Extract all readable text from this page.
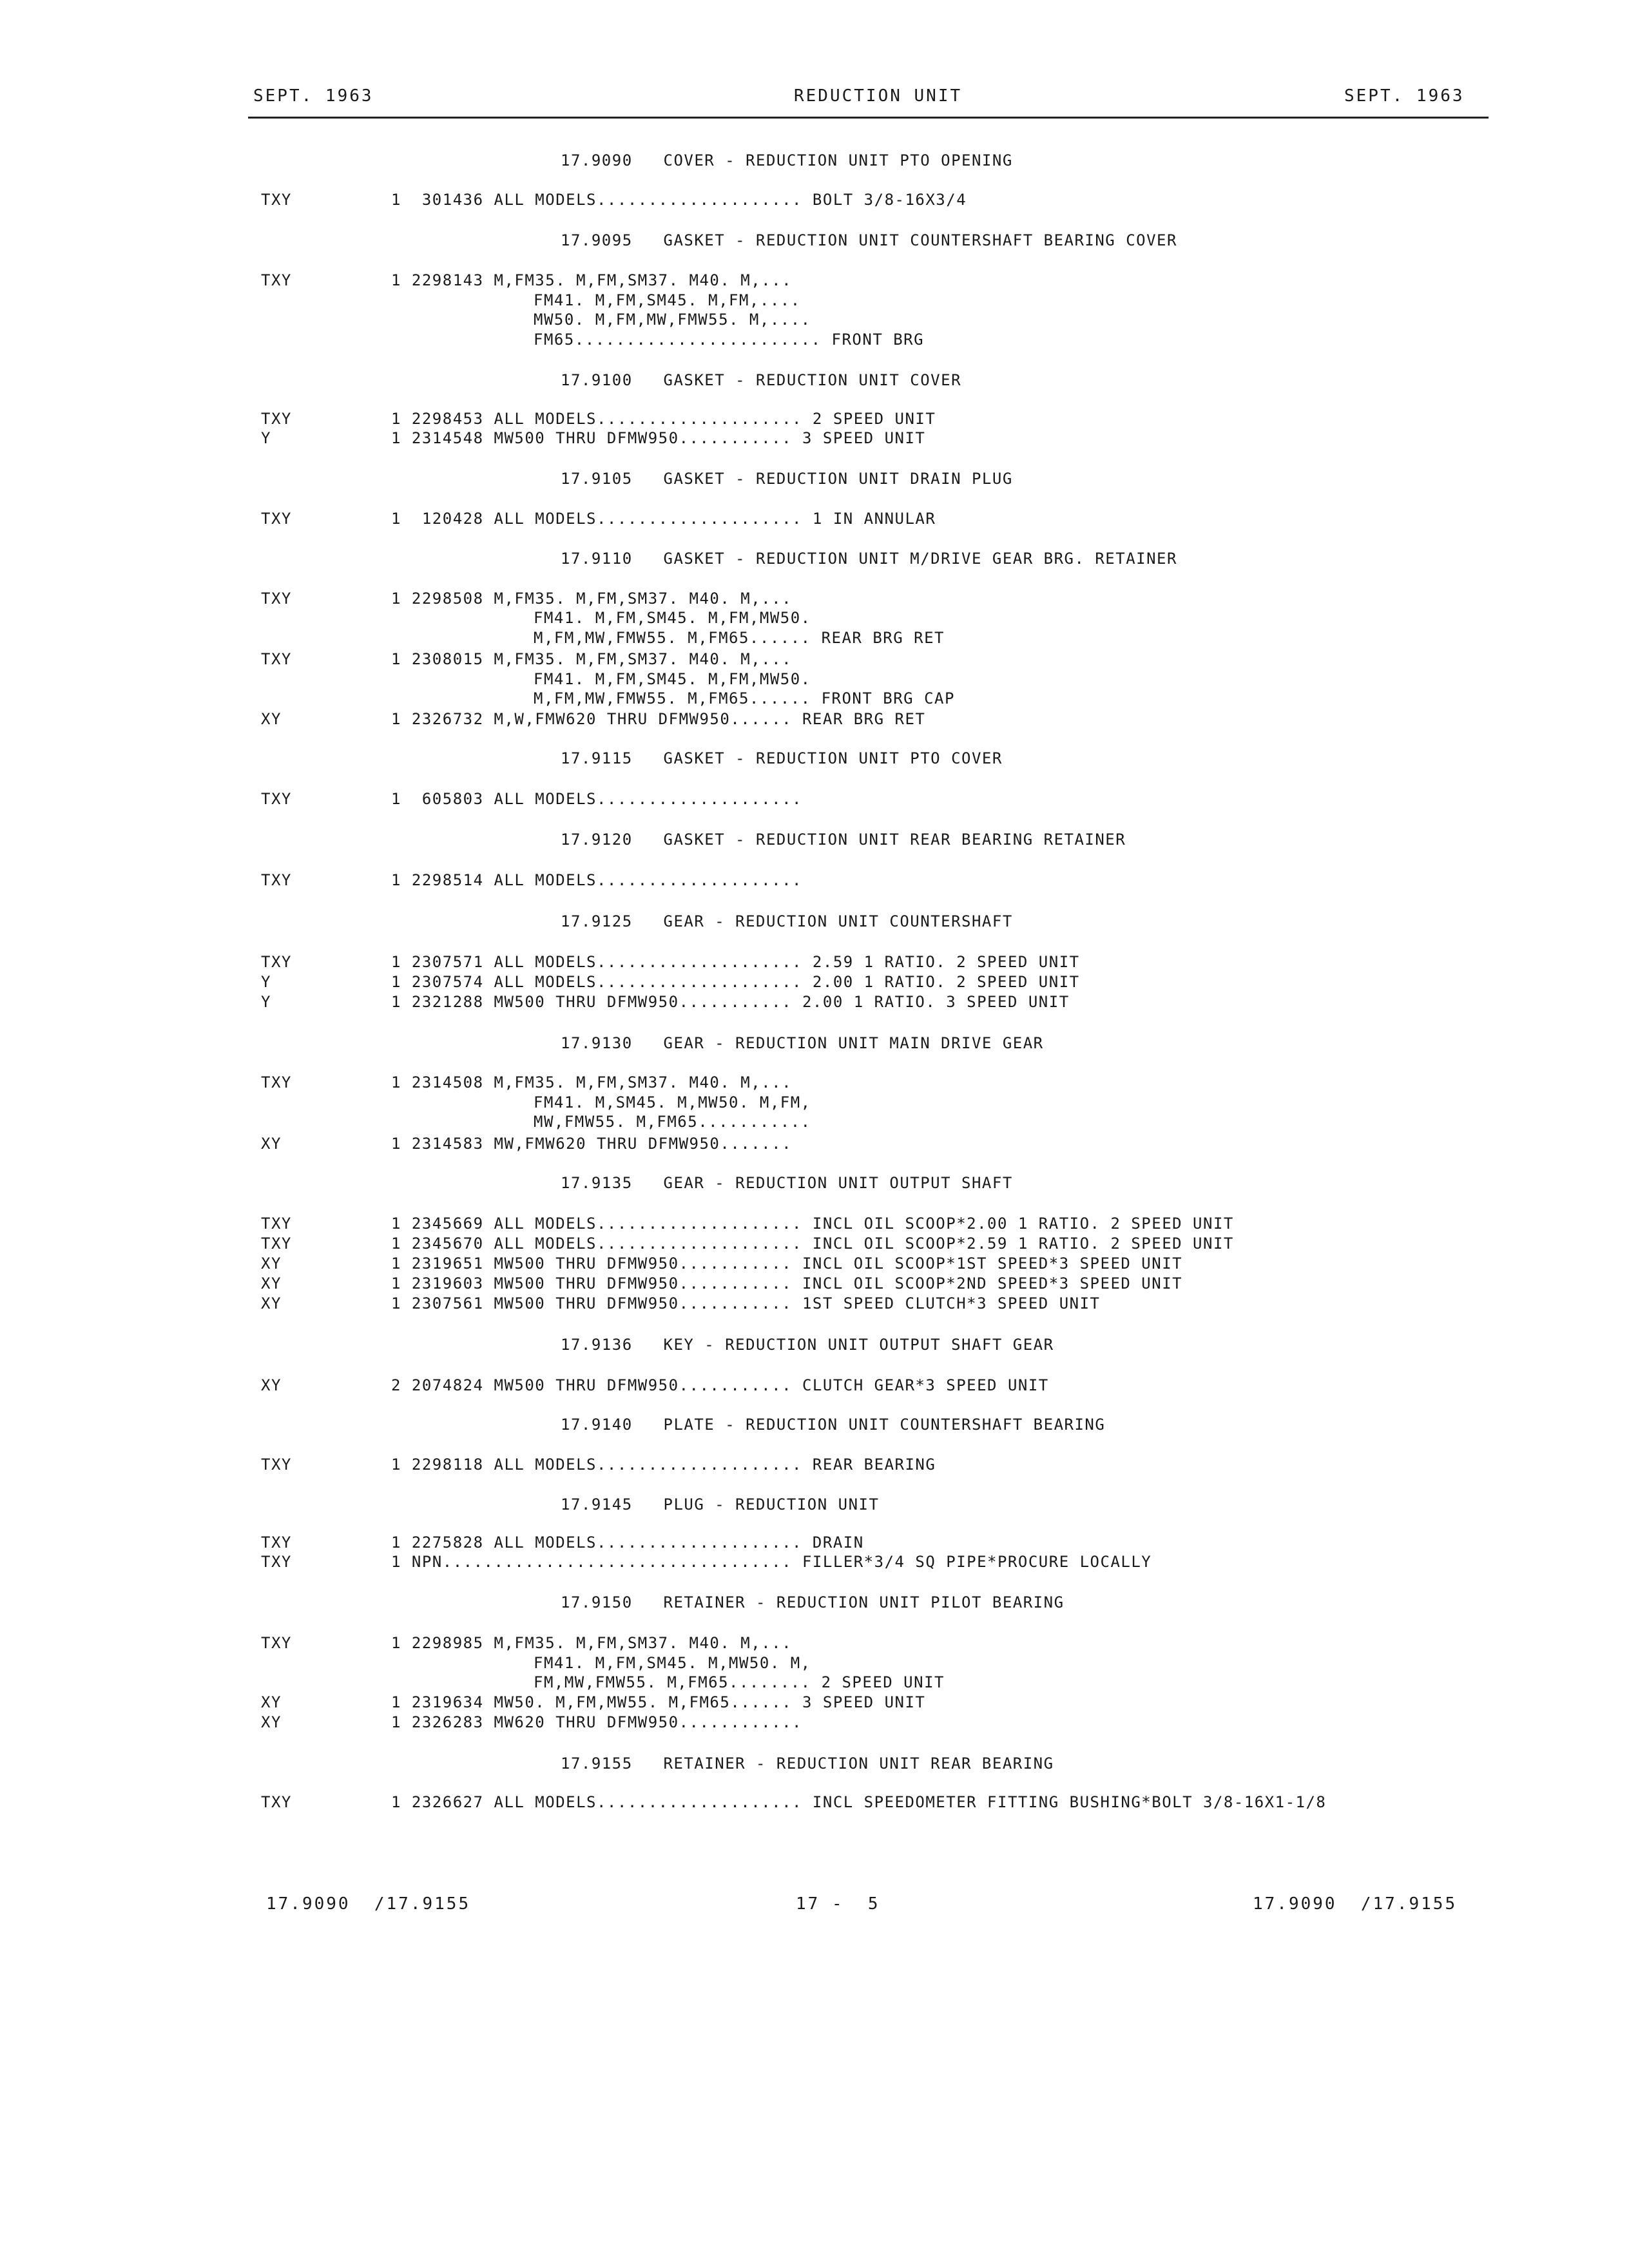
SEPT. 1963	REDUCTION UNIT	SEPT. 1963
17.9090   COVER - REDUCTION UNIT PTO OPENING
TXY	1  301436 ALL MODELS.................... BOLT 3/8-16X3/4
17.9095   GASKET - REDUCTION UNIT COUNTERSHAFT BEARING COVER
TXY	1 2298143 M,FM35. M,FM,SM37. M40. M,...
FM41. M,FM,SM45. M,FM,....
MW50. M,FM,MW,FMW55. M,....
FM65........................ FRONT BRG
17.9100   GASKET - REDUCTION UNIT COVER
TXY	1 2298453 ALL MODELS.................... 2 SPEED UNIT
Y	1 2314548 MW500 THRU DFMW950........... 3 SPEED UNIT
17.9105   GASKET - REDUCTION UNIT DRAIN PLUG
TXY	1  120428 ALL MODELS.................... 1 IN ANNULAR
17.9110   GASKET - REDUCTION UNIT M/DRIVE GEAR BRG. RETAINER
TXY	1 2298508 M,FM35. M,FM,SM37. M40. M,...
FM41. M,FM,SM45. M,FM,MW50.
M,FM,MW,FMW55. M,FM65...... REAR BRG RET
TXY	1 2308015 M,FM35. M,FM,SM37. M40. M,...
FM41. M,FM,SM45. M,FM,MW50.
M,FM,MW,FMW55. M,FM65...... FRONT BRG CAP
XY	1 2326732 M,W,FMW620 THRU DFMW950...... REAR BRG RET
17.9115   GASKET - REDUCTION UNIT PTO COVER
TXY	1  605803 ALL MODELS....................
17.9120   GASKET - REDUCTION UNIT REAR BEARING RETAINER
TXY	1 2298514 ALL MODELS....................
17.9125   GEAR - REDUCTION UNIT COUNTERSHAFT
TXY	1 2307571 ALL MODELS.................... 2.59 1 RATIO. 2 SPEED UNIT
Y	1 2307574 ALL MODELS.................... 2.00 1 RATIO. 2 SPEED UNIT
Y	1 2321288 MW500 THRU DFMW950........... 2.00 1 RATIO. 3 SPEED UNIT
17.9130   GEAR - REDUCTION UNIT MAIN DRIVE GEAR
TXY	1 2314508 M,FM35. M,FM,SM37. M40. M,...
FM41. M,SM45. M,MW50. M,FM,
MW,FMW55. M,FM65...........
XY	1 2314583 MW,FMW620 THRU DFMW950.......
17.9135   GEAR - REDUCTION UNIT OUTPUT SHAFT
TXY	1 2345669 ALL MODELS.................... INCL OIL SCOOP*2.00 1 RATIO. 2 SPEED UNIT
TXY	1 2345670 ALL MODELS.................... INCL OIL SCOOP*2.59 1 RATIO. 2 SPEED UNIT
XY	1 2319651 MW500 THRU DFMW950........... INCL OIL SCOOP*1ST SPEED*3 SPEED UNIT
XY	1 2319603 MW500 THRU DFMW950........... INCL OIL SCOOP*2ND SPEED*3 SPEED UNIT
XY	1 2307561 MW500 THRU DFMW950........... 1ST SPEED CLUTCH*3 SPEED UNIT
17.9136   KEY - REDUCTION UNIT OUTPUT SHAFT GEAR
XY	2 2074824 MW500 THRU DFMW950........... CLUTCH GEAR*3 SPEED UNIT
17.9140   PLATE - REDUCTION UNIT COUNTERSHAFT BEARING
TXY	1 2298118 ALL MODELS.................... REAR BEARING
17.9145   PLUG - REDUCTION UNIT
TXY	1 2275828 ALL MODELS.................... DRAIN
TXY	1 NPN.................................. FILLER*3/4 SQ PIPE*PROCURE LOCALLY
17.9150   RETAINER - REDUCTION UNIT PILOT BEARING
TXY	1 2298985 M,FM35. M,FM,SM37. M40. M,...
FM41. M,FM,SM45. M,MW50. M,
FM,MW,FMW55. M,FM65........ 2 SPEED UNIT
XY	1 2319634 MW50. M,FM,MW55. M,FM65...... 3 SPEED UNIT
XY	1 2326283 MW620 THRU DFMW950............
17.9155   RETAINER - REDUCTION UNIT REAR BEARING
TXY	1 2326627 ALL MODELS.................... INCL SPEEDOMETER FITTING BUSHING*BOLT 3/8-16X1-1/8
17.9090  /17.9155	17 -  5	17.9090  /17.9155
